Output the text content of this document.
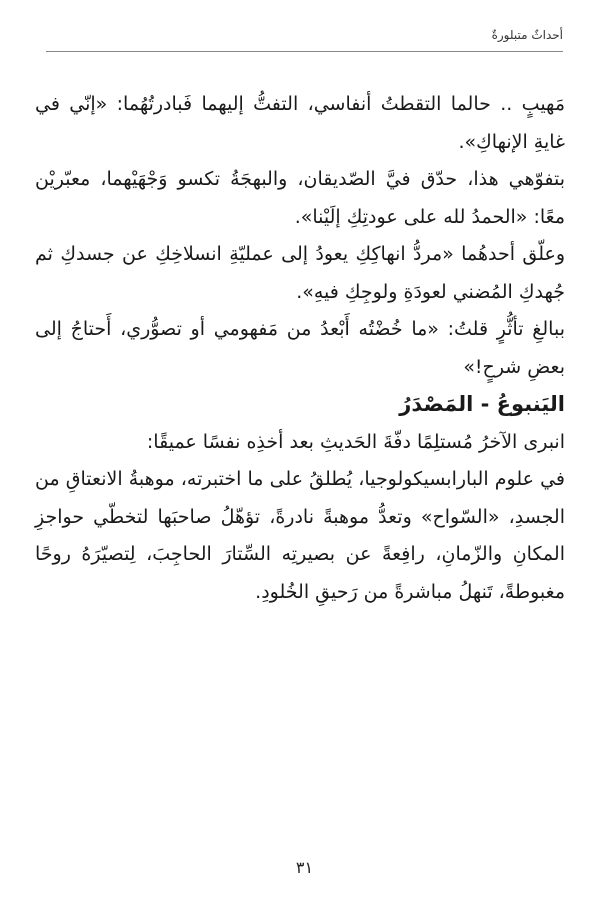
أحداثٌ متبلورةٌ

مَهيبٍ .. حالما التقطتُ أنفاسي، التفتُّ إليهما فَبادرتُهُما: «إنّي في غايةِ الإنهاكِ».

بتفوّهي هذا، حدّق فيَّ الصّديقان، والبهجَةُ تكسو وَجْهَيْهما، معبّريْن معًا: «الحمدُ لله على عودتِكِ إلَيْنا».

وعلّق أحدهُما «مردُّ انهاكِكِ يعودُ إلى عمليّةِ انسلاخِكِ عن جسدكِ ثم جُهدكِ المُضني لعودَةِ ولوجِكِ فيهِ».

ببالغِ تأثُّرٍ قلتُ: «ما خُضْتُه أَبْعدُ من مَفهومي أو تصوُّري، أَحتاجُ إلى بعضِ شرحٍ!»

اليَنبوعُ - المَصْدَرُ

انبرى الآخرُ مُستلِمًا دفّةَ الحَديثِ بعد أخذِه نفسًا عميقًا:

في علوم البارابسيكولوجيا، يُطلقُ على ما اختبرته، موهبةُ الانعتاقِ من الجسدِ، «السّواح» وتعدُّ موهبةً نادرةً، تؤهّلُ صاحبَها لتخطّي حواجزِ المكانِ والزّمانِ، رافِعةً عن بصيرتِه السِّتارَ الحاجِبَ، لِتصيّرَهُ روحًا مغبوطةً، تَنهلُ مباشرةً من رَحيقِ الخُلودِ.

٣١
